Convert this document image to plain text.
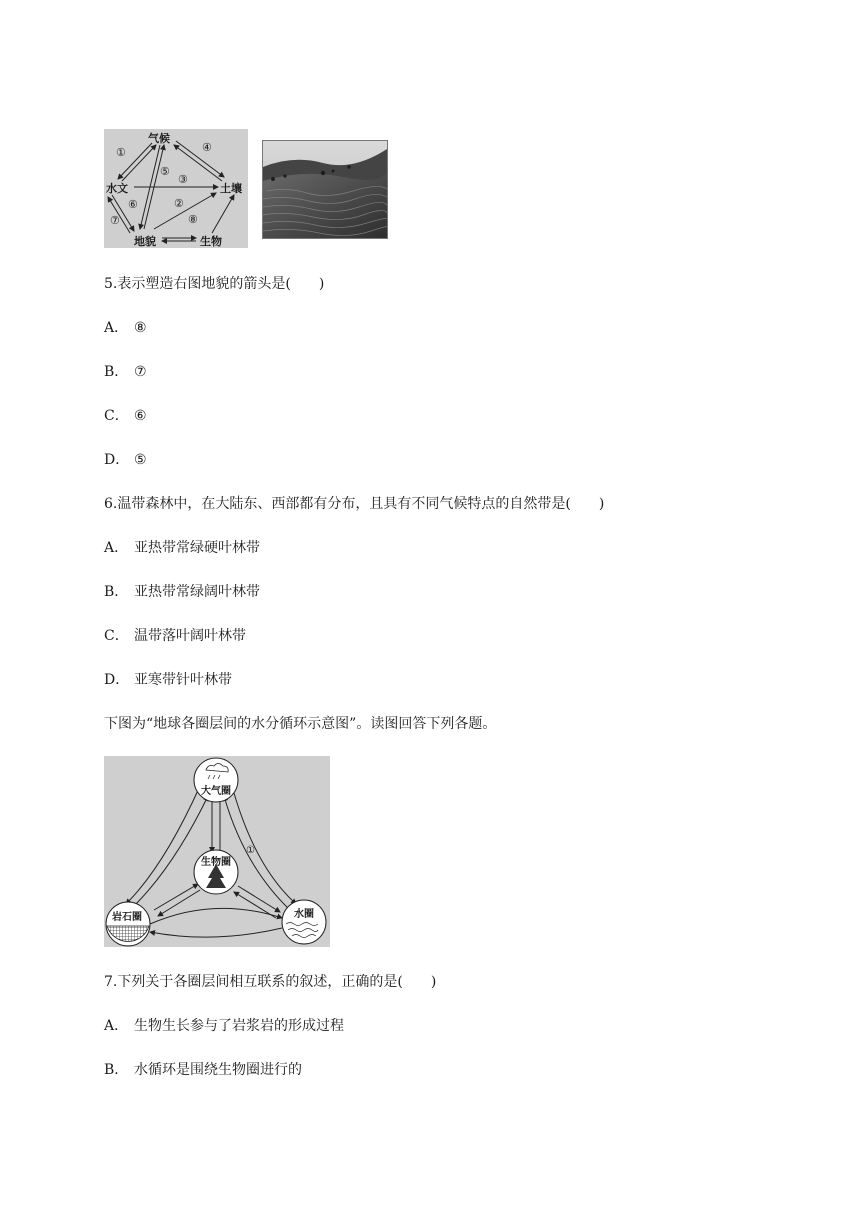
气候
水文	土壤
地貌	生物
①
②
③
④
⑤
⑥
⑦	⑧
5.表示塑造右图地貌的箭头是(　　)
A． ⑧
B． ⑦
C． ⑥
D． ⑤
6.温带森林中，在大陆东、西部都有分布，且具有不同气候特点的自然带是(　　)
A． 亚热带常绿硬叶林带
B． 亚热带常绿阔叶林带
C． 温带落叶阔叶林带
D． 亚寒带针叶林带
下图为“地球各圈层间的水分循环示意图”。读图回答下列各题。
大气圈
生物圈
岩石圈	水圈
①
7.下列关于各圈层间相互联系的叙述，正确的是(　　)
A． 生物生长参与了岩浆岩的形成过程
B． 水循环是围绕生物圈进行的
